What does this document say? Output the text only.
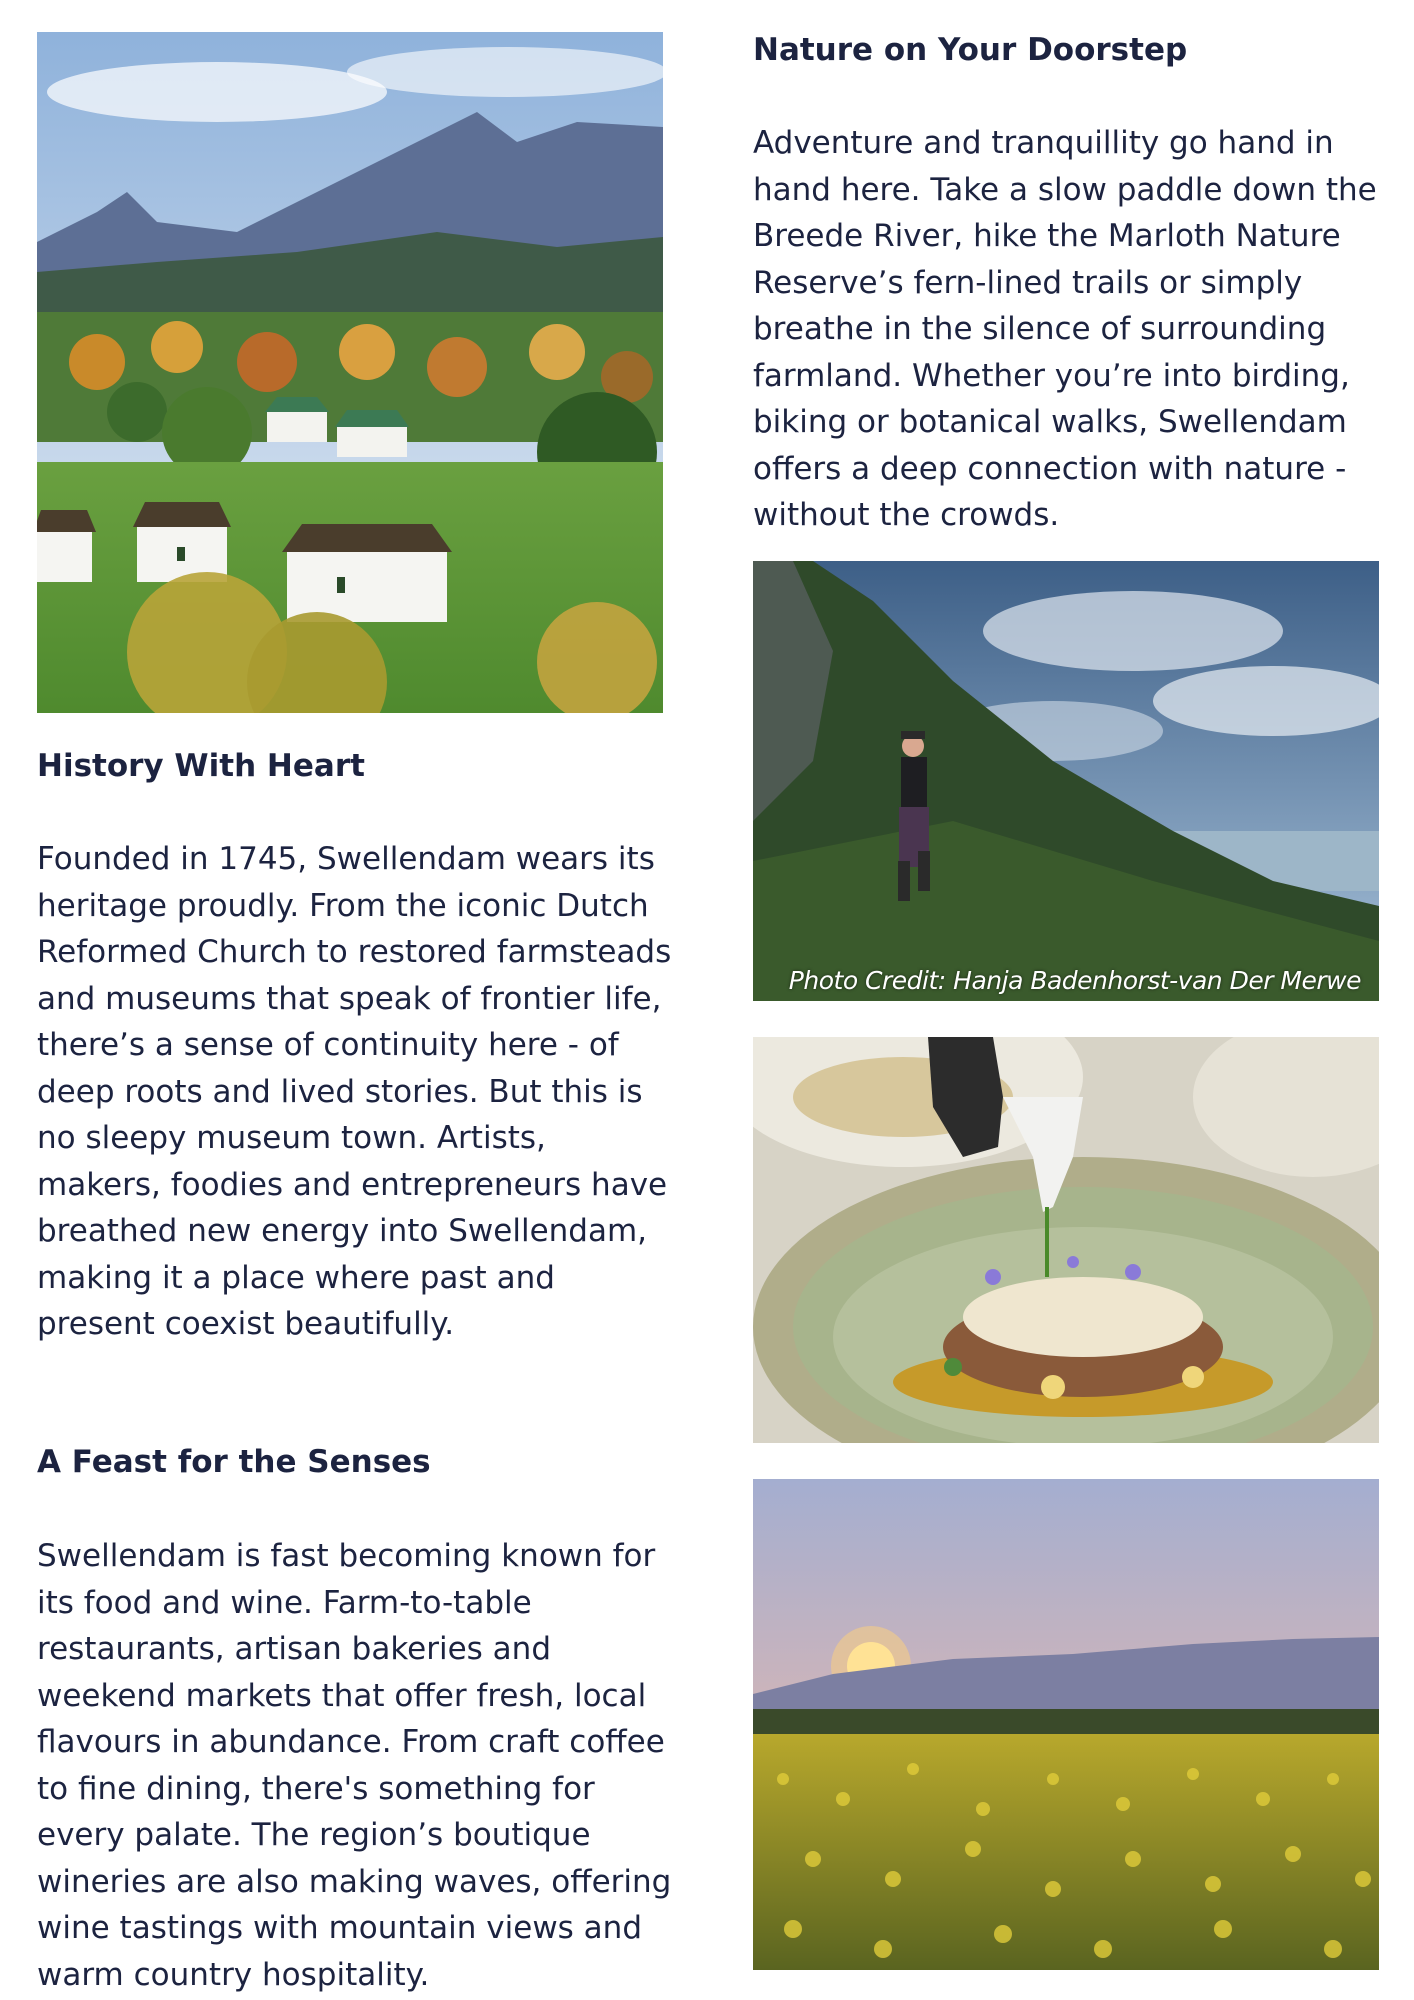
History With Heart

Founded in 1745, Swellendam wears its heritage proudly. From the iconic Dutch Reformed Church to restored farmsteads and museums that speak of frontier life, there’s a sense of continuity here - of deep roots and lived stories. But this is no sleepy museum town. Artists, makers, foodies and entrepreneurs have breathed new energy into Swellendam, making it a place where past and present coexist beautifully.

A Feast for the Senses

Swellendam is fast becoming known for its food and wine. Farm-to-table restaurants, artisan bakeries and weekend markets that offer fresh, local flavours in abundance. From craft coffee to fine dining, there's something for every palate. The region’s boutique wineries are also making waves, offering wine tastings with mountain views and warm country hospitality.

Nature on Your Doorstep

Adventure and tranquillity go hand in hand here. Take a slow paddle down the Breede River, hike the Marloth Nature Reserve’s fern-lined trails or simply breathe in the silence of surrounding farmland. Whether you’re into birding, biking or botanical walks, Swellendam offers a deep connection with nature - without the crowds.

Photo Credit: Hanja Badenhorst-van Der Merwe
